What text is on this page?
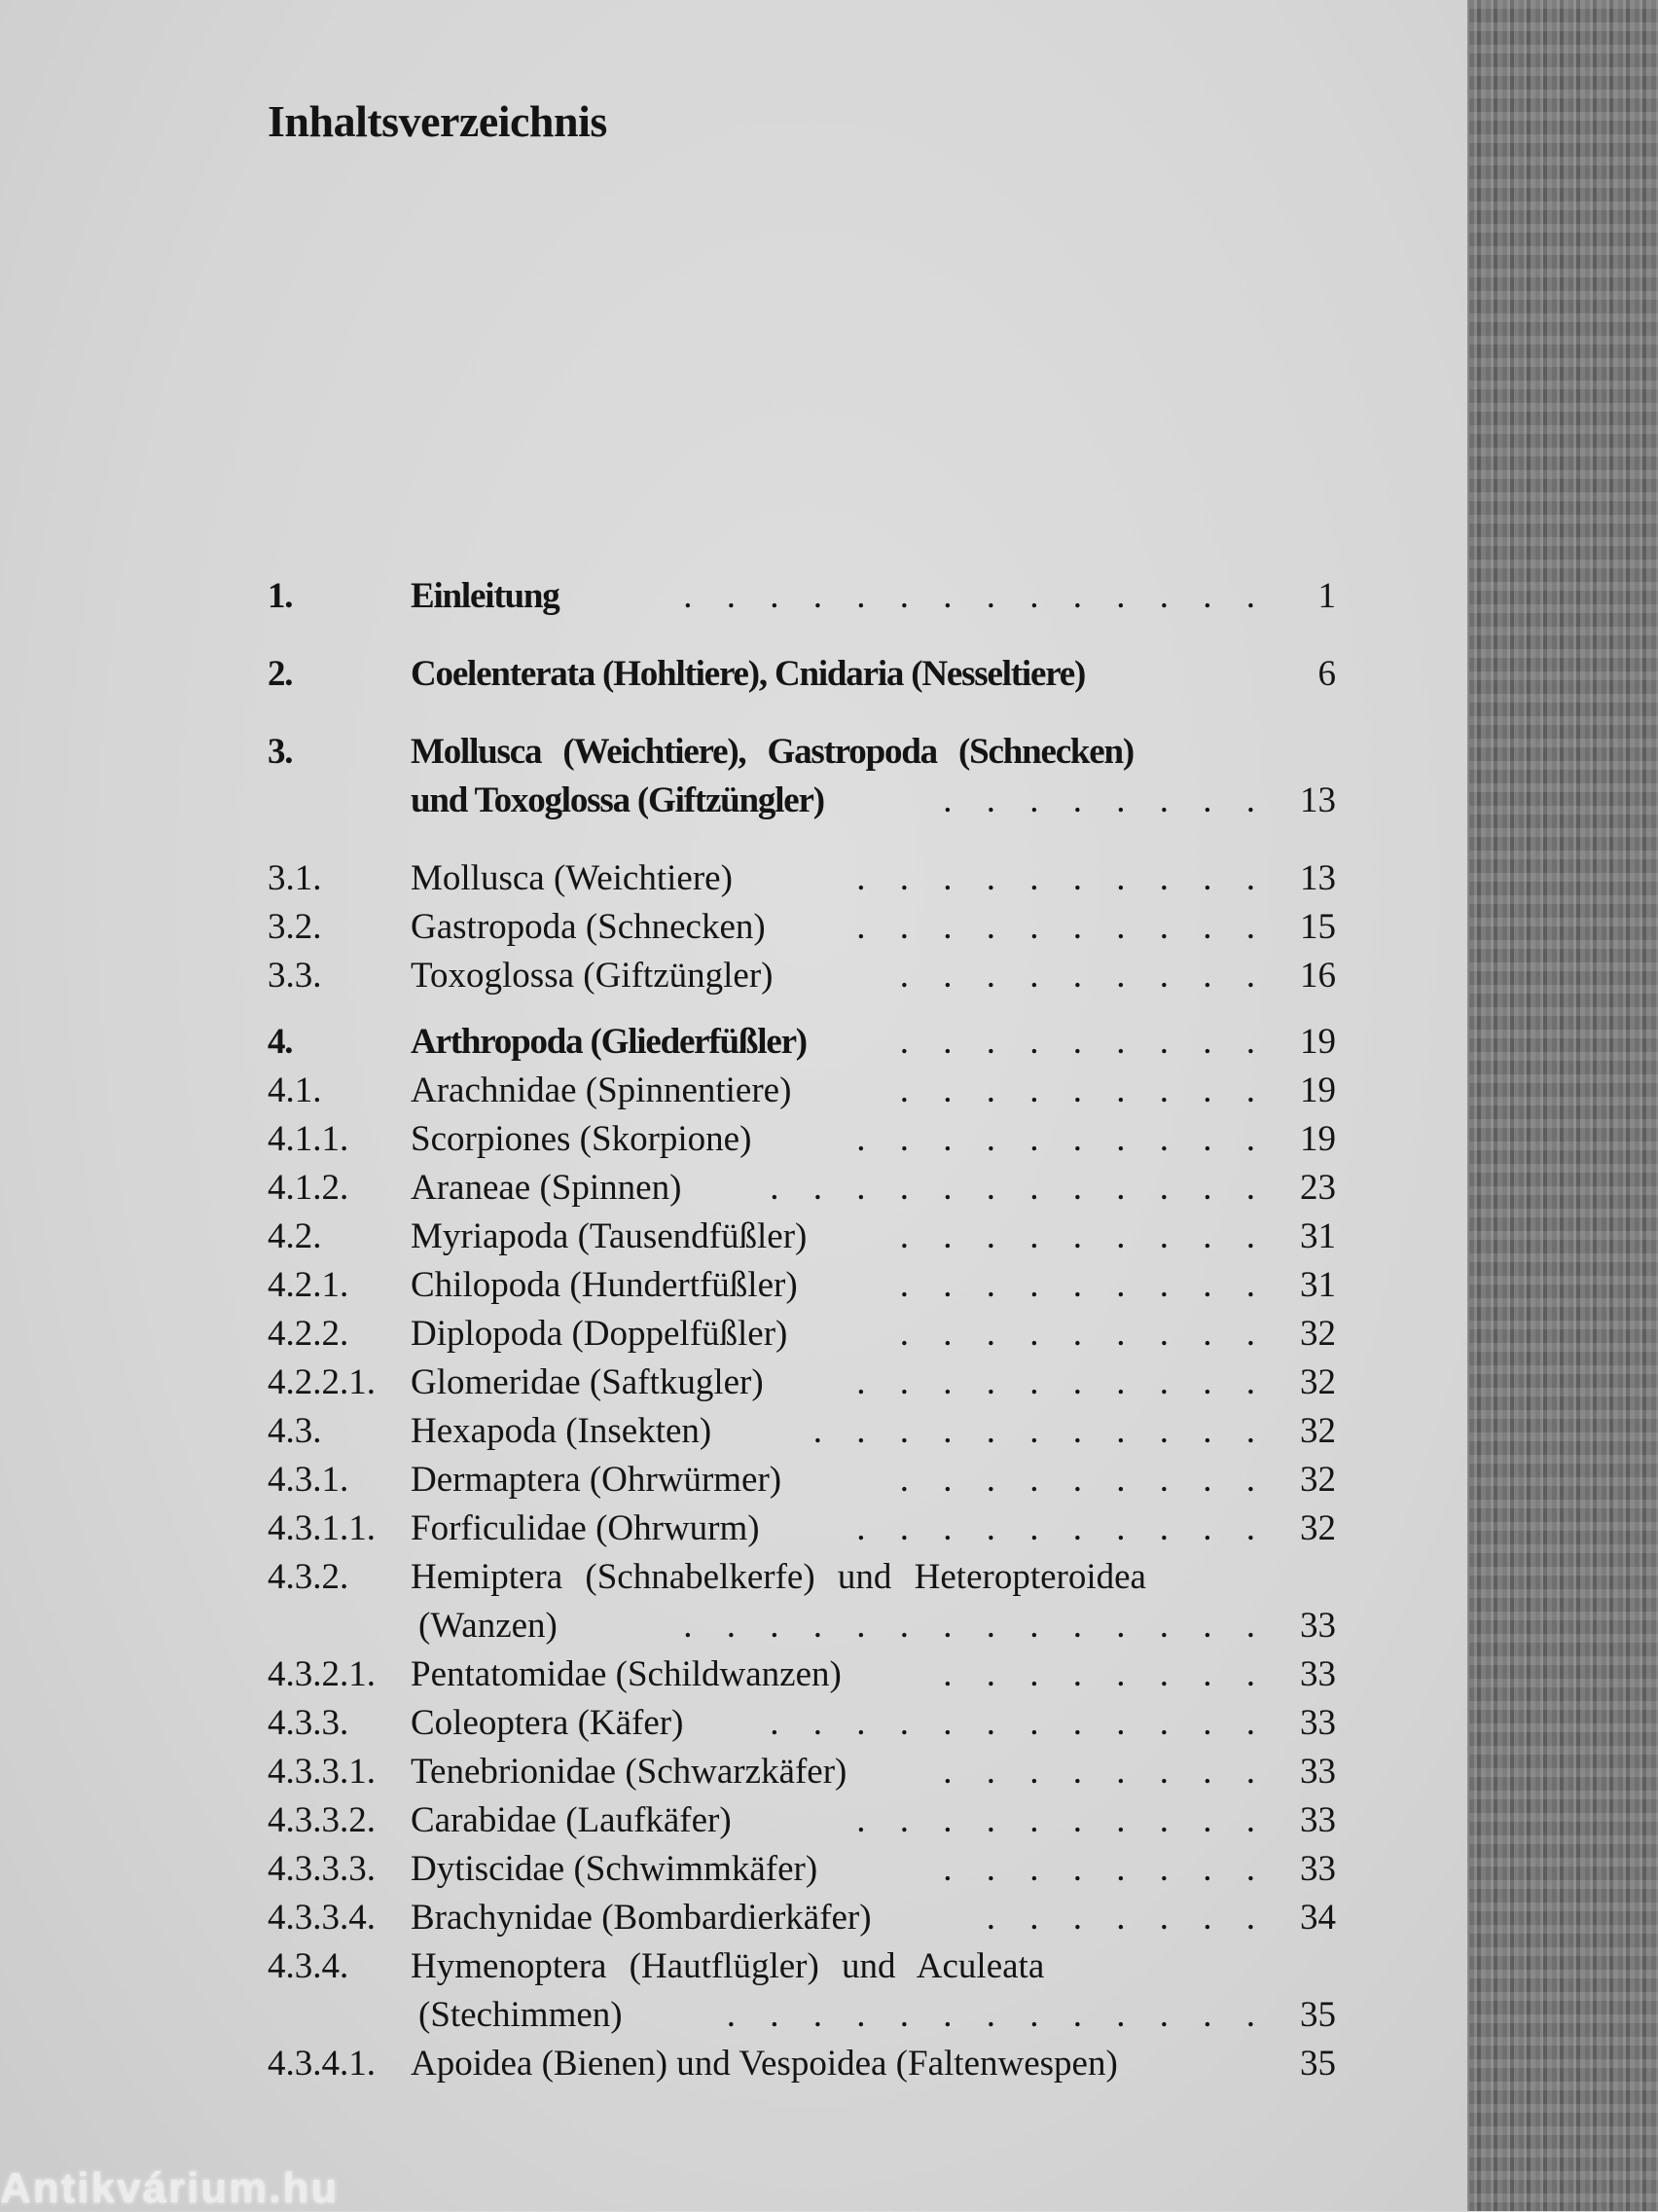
Inhaltsverzeichnis
1.	Einleitung	. . . . . . . . . . . . . .	1
2.	Coelenterata (Hohltiere), Cnidaria (Nesseltiere)	6
3.	Mollusca (Weichtiere), Gastropoda (Schnecken)
und Toxoglossa (Giftzüngler)	. . . . . . . . 13
3.1.	Mollusca (Weichtiere)	. . . . . . . . . . 13
3.2.	Gastropoda (Schnecken)	. . . . . . . . . . 15
3.3.	Toxoglossa (Giftzüngler)	. . . . . . . . . 16
4.	Arthropoda (Gliederfüßler)	. . . . . . . . . 19
4.1.	Arachnidae (Spinnentiere)	. . . . . . . . . 19
4.1.1.	Scorpiones (Skorpione)	. . . . . . . . . . 19
4.1.2.	Araneae (Spinnen)	. . . . . . . . . . . . 23
4.2.	Myriapoda (Tausendfüßler)	. . . . . . . . . 31
4.2.1.	Chilopoda (Hundertfüßler)	. . . . . . . . . 31
4.2.2.	Diplopoda (Doppelfüßler)	. . . . . . . . . 32
4.2.2.1. Glomeridae (Saftkugler)	. . . . . . . . . . 32
4.3.	Hexapoda (Insekten)	. . . . . . . . . . . 32
4.3.1.	Dermaptera (Ohrwürmer)	. . . . . . . . . 32
4.3.1.1. Forficulidae (Ohrwurm)	. . . . . . . . . . 32
4.3.2.	Hemiptera (Schnabelkerfe) und Heteropteroidea
(Wanzen)	. . . . . . . . . . . . . . 33
4.3.2.1. Pentatomidae (Schildwanzen)	. . . . . . . . 33
4.3.3.	Coleoptera (Käfer)	. . . . . . . . . . . . 33
4.3.3.1. Tenebrionidae (Schwarzkäfer)	. . . . . . . . 33
4.3.3.2. Carabidae (Laufkäfer)	. . . . . . . . . . 33
4.3.3.3. Dytiscidae (Schwimmkäfer)	. . . . . . . . 33
4.3.3.4. Brachynidae (Bombardierkäfer)	. . . . . . . 34
4.3.4.	Hymenoptera (Hautflügler) und Aculeata
(Stechimmen)	. . . . . . . . . . . . . 35
4.3.4.1. Apoidea (Bienen) und Vespoidea (Faltenwespen)	35
Antikvárium.hu
